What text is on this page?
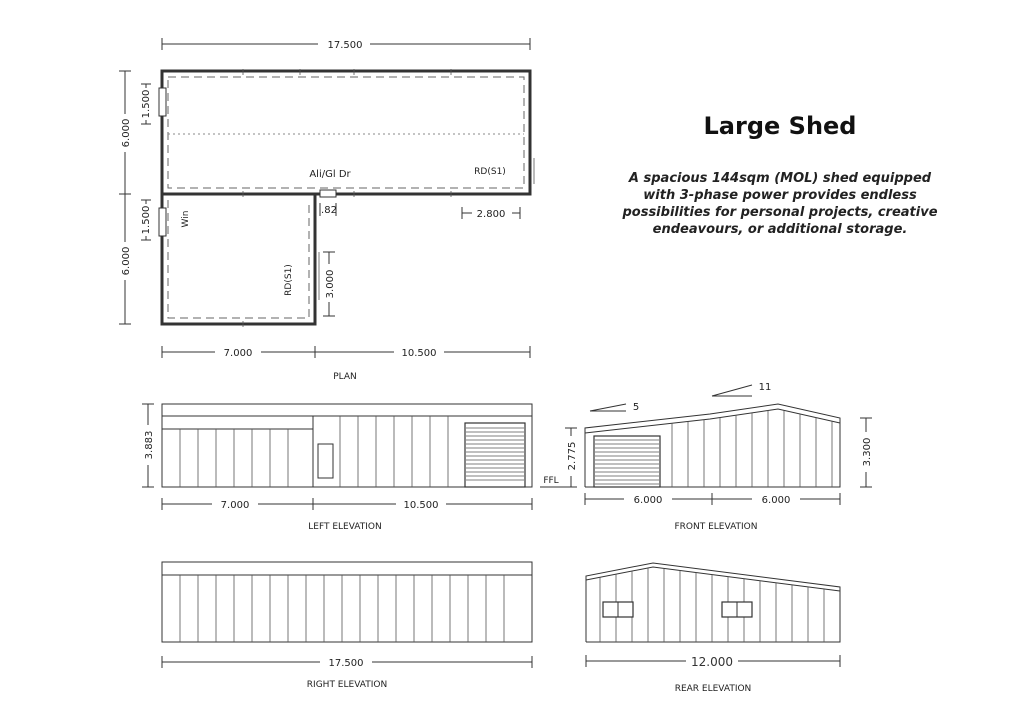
17.500
Ali/Gl Dr	RD(S1)
RD(S1)
Win
6.000
6.000
1.500
1.500	.82	2.800
3.000
7.000	10.500
PLAN
3.883
7.000	10.500
LEFT ELEVATION
FFL
5
11
2.775	3.300
6.000	6.000
FRONT ELEVATION
17.500
RIGHT ELEVATION
12.000
REAR ELEVATION
Large Shed

A spacious 144sqm (MOL) shed equipped with 3-phase power provides endless possibilities for personal projects, creative endeavours, or additional storage.
